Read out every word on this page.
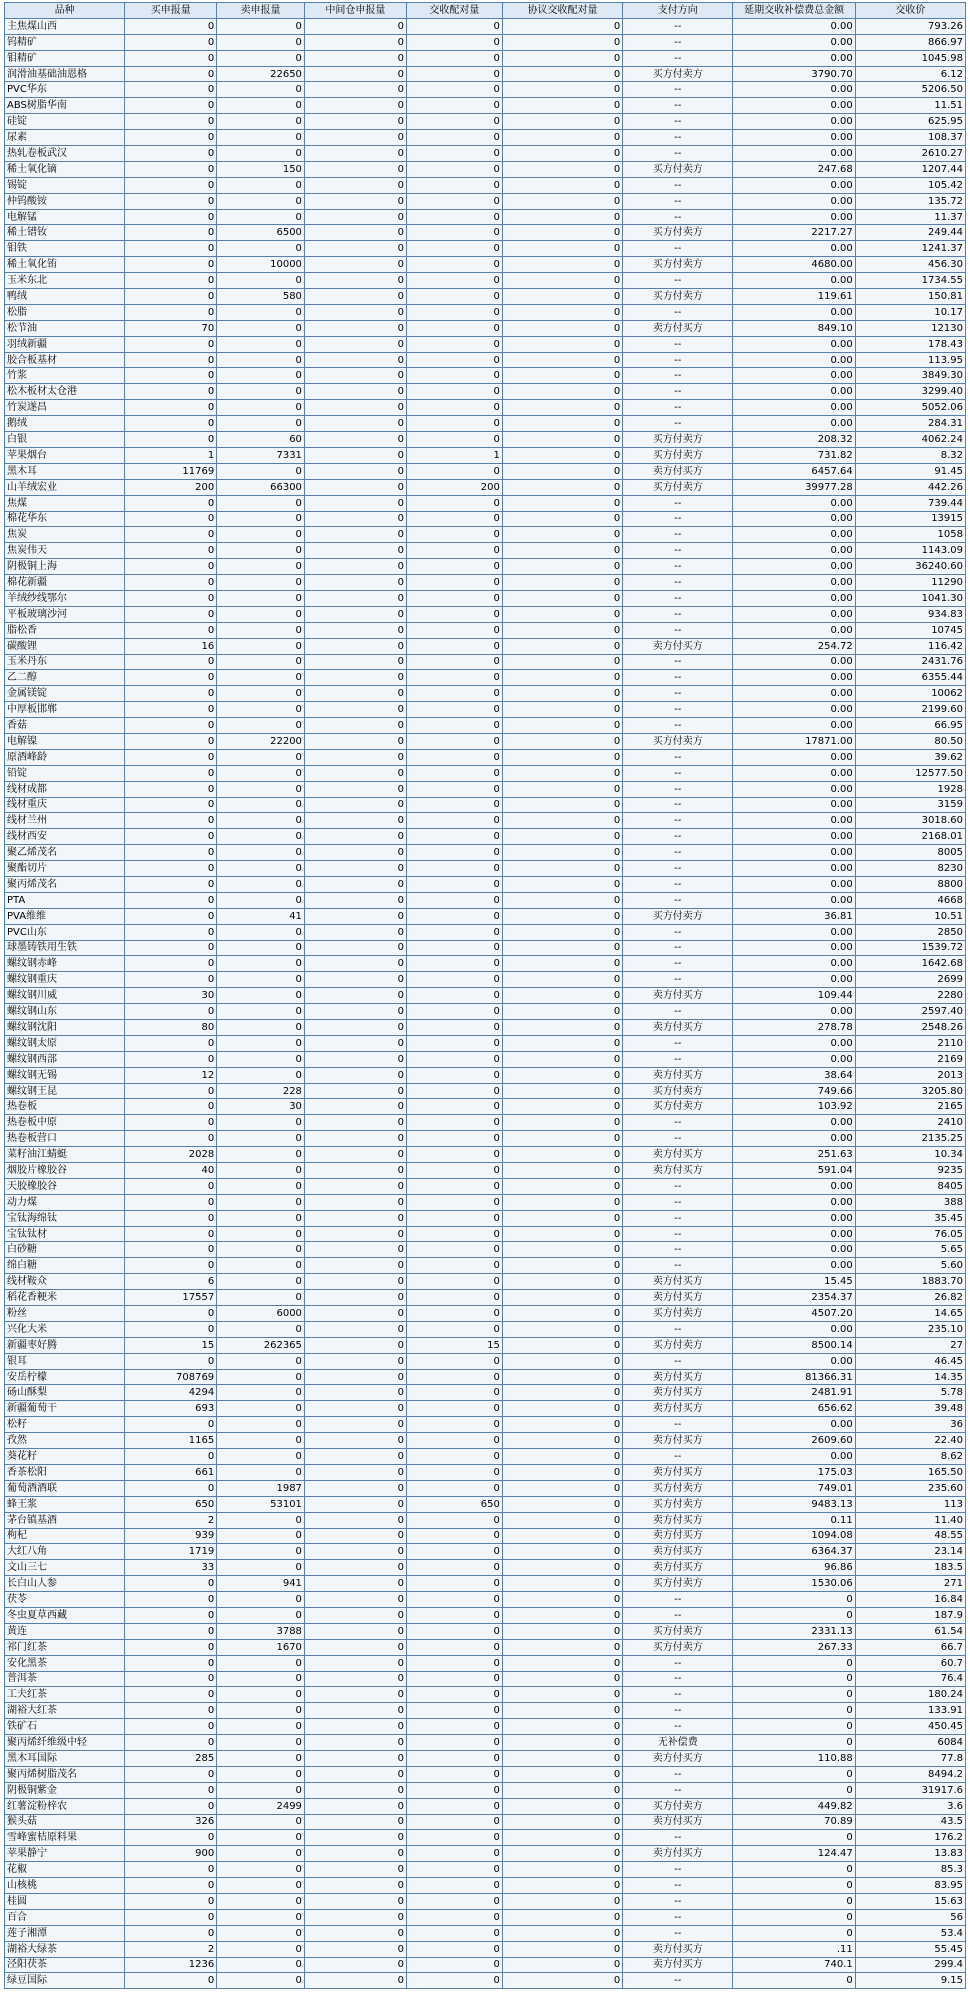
品种	买申报量	卖申报量	中间仓申报量	交收配对量	协议交收配对量	支付方向	延期交收补偿费总金额	交收价
主焦煤山西	0	0	0	0	0	--	0.00	793.26
钨精矿	0	0	0	0	0	--	0.00	866.97
钼精矿	0	0	0	0	0	--	0.00	1045.98
润滑油基础油恩格	0	22650	0	0	0	买方付卖方	3790.70	6.12
PVC华东	0	0	0	0	0	--	0.00	5206.50
ABS树脂华南	0	0	0	0	0	--	0.00	11.51
硅锭	0	0	0	0	0	--	0.00	625.95
尿素	0	0	0	0	0	--	0.00	108.37
热轧卷板武汉	0	0	0	0	0	--	0.00	2610.27
稀土氧化镝	0	150	0	0	0	买方付卖方	247.68	1207.44
锡锭	0	0	0	0	0	--	0.00	105.42
仲钨酸铵	0	0	0	0	0	--	0.00	135.72
电解锰	0	0	0	0	0	--	0.00	11.37
稀土镨钕	0	6500	0	0	0	买方付卖方	2217.27	249.44
钼铁	0	0	0	0	0	--	0.00	1241.37
稀土氧化铕	0	10000	0	0	0	买方付卖方	4680.00	456.30
玉米东北	0	0	0	0	0	--	0.00	1734.55
鸭绒	0	580	0	0	0	买方付卖方	119.61	150.81
松脂	0	0	0	0	0	--	0.00	10.17
松节油	70	0	0	0	0	卖方付买方	849.10	12130
羽绒新疆	0	0	0	0	0	--	0.00	178.43
胶合板基材	0	0	0	0	0	--	0.00	113.95
竹浆	0	0	0	0	0	--	0.00	3849.30
松木板材太仓港	0	0	0	0	0	--	0.00	3299.40
竹炭遂昌	0	0	0	0	0	--	0.00	5052.06
鹅绒	0	0	0	0	0	--	0.00	284.31
白银	0	60	0	0	0	买方付卖方	208.32	4062.24
苹果烟台	1	7331	0	1	0	买方付卖方	731.82	8.32
黑木耳	11769	0	0	0	0	卖方付买方	6457.64	91.45
山羊绒宏业	200	66300	0	200	0	买方付卖方	39977.28	442.26
焦煤	0	0	0	0	0	--	0.00	739.44
棉花华东	0	0	0	0	0	--	0.00	13915
焦炭	0	0	0	0	0	--	0.00	1058
焦炭伟天	0	0	0	0	0	--	0.00	1143.09
阴极铜上海	0	0	0	0	0	--	0.00	36240.60
棉花新疆	0	0	0	0	0	--	0.00	11290
羊绒纱线鄂尔	0	0	0	0	0	--	0.00	1041.30
平板玻璃沙河	0	0	0	0	0	--	0.00	934.83
脂松香	0	0	0	0	0	--	0.00	10745
碳酸锂	16	0	0	0	0	卖方付买方	254.72	116.42
玉米丹东	0	0	0	0	0	--	0.00	2431.76
乙二醇	0	0	0	0	0	--	0.00	6355.44
金属镁锭	0	0	0	0	0	--	0.00	10062
中厚板邯郸	0	0	0	0	0	--	0.00	2199.60
香菇	0	0	0	0	0	--	0.00	66.95
电解镍	0	22200	0	0	0	买方付卖方	17871.00	80.50
原酒峰龄	0	0	0	0	0	--	0.00	39.62
铅锭	0	0	0	0	0	--	0.00	12577.50
线材成都	0	0	0	0	0	--	0.00	1928
线材重庆	0	0	0	0	0	--	0.00	3159
线材兰州	0	0	0	0	0	--	0.00	3018.60
线材西安	0	0	0	0	0	--	0.00	2168.01
聚乙烯茂名	0	0	0	0	0	--	0.00	8005
聚酯切片	0	0	0	0	0	--	0.00	8230
聚丙烯茂名	0	0	0	0	0	--	0.00	8800
PTA	0	0	0	0	0	--	0.00	4668
PVA维维	0	41	0	0	0	买方付卖方	36.81	10.51
PVC山东	0	0	0	0	0	--	0.00	2850
球墨铸铁用生铁	0	0	0	0	0	--	0.00	1539.72
螺纹钢赤峰	0	0	0	0	0	--	0.00	1642.68
螺纹钢重庆	0	0	0	0	0	--	0.00	2699
螺纹钢川威	30	0	0	0	0	卖方付买方	109.44	2280
螺纹钢山东	0	0	0	0	0	--	0.00	2597.40
螺纹钢沈阳	80	0	0	0	0	卖方付买方	278.78	2548.26
螺纹钢太原	0	0	0	0	0	--	0.00	2110
螺纹钢西部	0	0	0	0	0	--	0.00	2169
螺纹钢无锡	12	0	0	0	0	卖方付买方	38.64	2013
螺纹钢王昆	0	228	0	0	0	买方付卖方	749.66	3205.80
热卷板	0	30	0	0	0	买方付卖方	103.92	2165
热卷板中原	0	0	0	0	0	--	0.00	2410
热卷板营口	0	0	0	0	0	--	0.00	2135.25
菜籽油江蜻蜓	2028	0	0	0	0	卖方付买方	251.63	10.34
烟胶片橡胶谷	40	0	0	0	0	卖方付买方	591.04	9235
天胶橡胶谷	0	0	0	0	0	--	0.00	8405
动力煤	0	0	0	0	0	--	0.00	388
宝钛海绵钛	0	0	0	0	0	--	0.00	35.45
宝钛钛材	0	0	0	0	0	--	0.00	76.05
白砂糖	0	0	0	0	0	--	0.00	5.65
绵白糖	0	0	0	0	0	--	0.00	5.60
线材鞍众	6	0	0	0	0	卖方付买方	15.45	1883.70
稻花香粳米	17557	0	0	0	0	卖方付买方	2354.37	26.82
粉丝	0	6000	0	0	0	买方付卖方	4507.20	14.65
兴化大米	0	0	0	0	0	--	0.00	235.10
新疆枣好腾	15	262365	0	15	0	买方付卖方	8500.14	27
银耳	0	0	0	0	0	--	0.00	46.45
安岳柠檬	708769	0	0	0	0	卖方付买方	81366.31	14.35
砀山酥梨	4294	0	0	0	0	卖方付买方	2481.91	5.78
新疆葡萄干	693	0	0	0	0	卖方付买方	656.62	39.48
松籽	0	0	0	0	0	--	0.00	36
孜然	1165	0	0	0	0	卖方付买方	2609.60	22.40
葵花籽	0	0	0	0	0	--	0.00	8.62
香茶松阳	661	0	0	0	0	卖方付买方	175.03	165.50
葡萄酒酒联	0	1987	0	0	0	买方付卖方	749.01	235.60
蜂王浆	650	53101	0	650	0	买方付卖方	9483.13	113
茅台镇基酒	2	0	0	0	0	卖方付买方	0.11	11.40
枸杞	939	0	0	0	0	卖方付买方	1094.08	48.55
大红八角	1719	0	0	0	0	卖方付买方	6364.37	23.14
文山三七	33	0	0	0	0	卖方付买方	96.86	183.5
长白山人参	0	941	0	0	0	买方付卖方	1530.06	271
茯苓	0	0	0	0	0	--	0	16.84
冬虫夏草西藏	0	0	0	0	0	--	0	187.9
黄连	0	3788	0	0	0	买方付卖方	2331.13	61.54
祁门红茶	0	1670	0	0	0	买方付卖方	267.33	66.7
安化黑茶	0	0	0	0	0	--	0	60.7
普洱茶	0	0	0	0	0	--	0	76.4
工夫红茶	0	0	0	0	0	--	0	180.24
湖裕大红茶	0	0	0	0	0	--	0	133.91
铁矿石	0	0	0	0	0	--	0	450.45
聚丙烯纤维级中轻	0	0	0	0	0	无补偿费	0	6084
黑木耳国际	285	0	0	0	0	卖方付买方	110.88	77.8
聚丙烯树脂茂名	0	0	0	0	0	--	0	8494.2
阴极铜紫金	0	0	0	0	0	--	0	31917.6
红薯淀粉梓农	0	2499	0	0	0	买方付卖方	449.82	3.6
猴头菇	326	0	0	0	0	卖方付买方	70.89	43.5
雪峰蜜桔原料果	0	0	0	0	0	--	0	176.2
苹果静宁	900	0	0	0	0	卖方付买方	124.47	13.83
花椒	0	0	0	0	0	--	0	85.3
山核桃	0	0	0	0	0	--	0	83.95
桂圆	0	0	0	0	0	--	0	15.63
百合	0	0	0	0	0	--	0	56
莲子湘潭	0	0	0	0	0	--	0	53.4
湖裕大绿茶	2	0	0	0	0	卖方付买方	.11	55.45
泾阳茯茶	1236	0	0	0	0	卖方付买方	740.1	299.4
绿豆国际	0	0	0	0	0	--	0	9.15
